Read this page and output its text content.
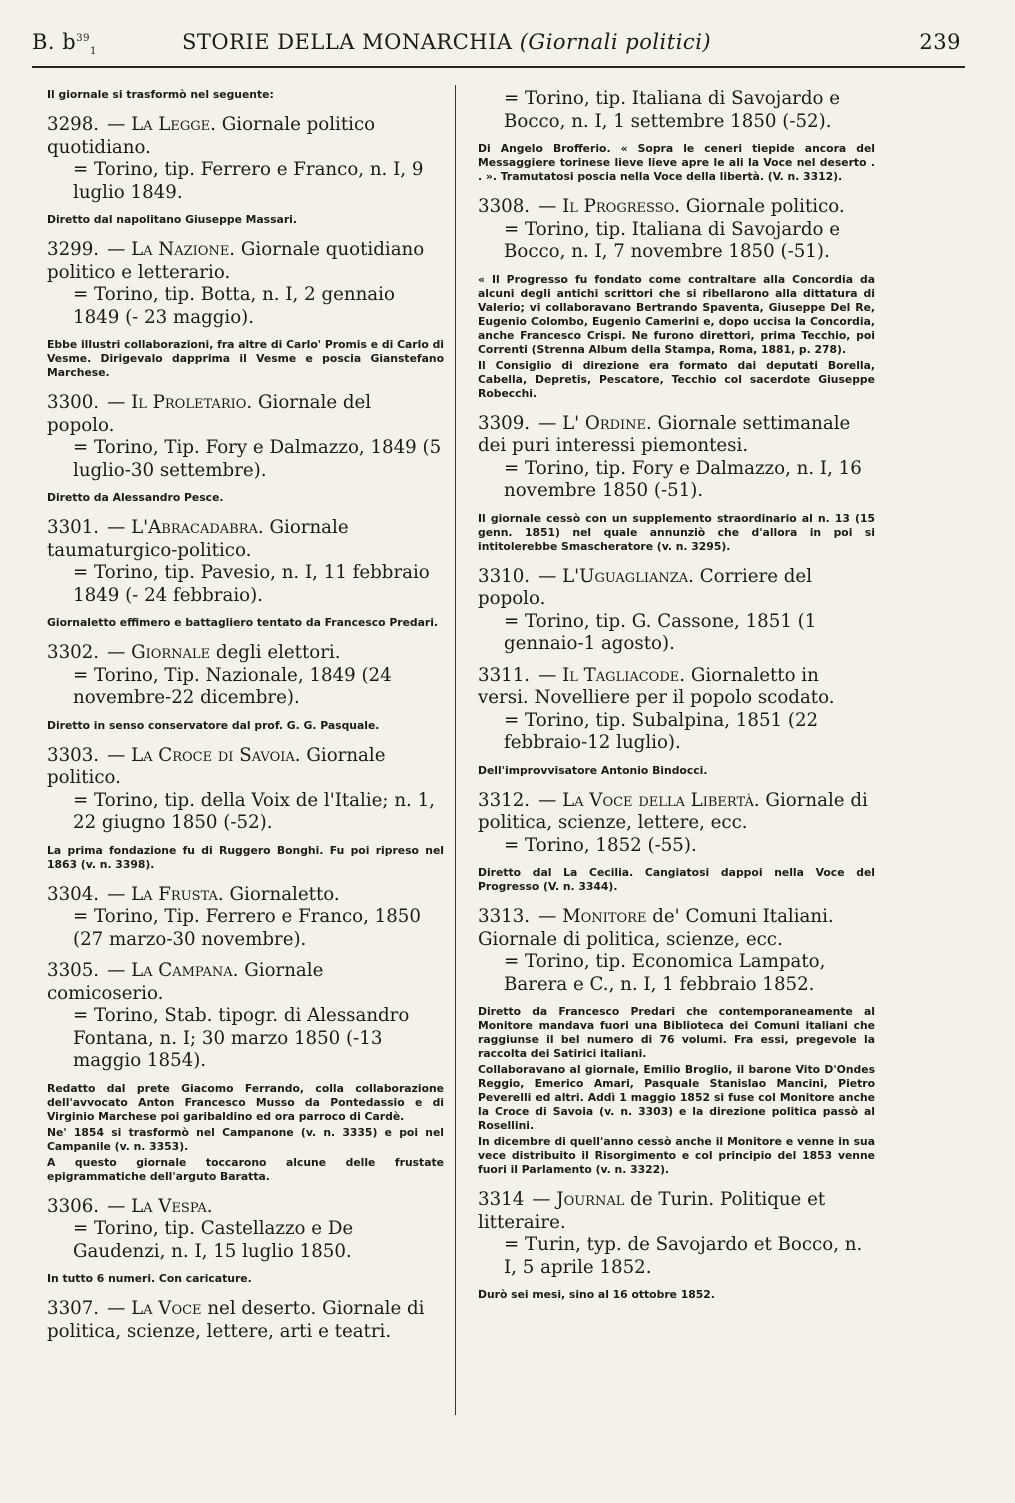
B. $b^{39}_1$	STORIE DELLA MONARCHIA (Giornali politici)	239

Il giornale si trasformò nel seguente:

3298. — La Legge. Giornale politico quotidiano.

= Torino, tip. Ferrero e Franco, n. I, 9 luglio 1849.

Diretto dal napolitano Giuseppe Massari.

3299. — La Nazione. Giornale quotidiano politico e letterario.

= Torino, tip. Botta, n. I, 2 gennaio 1849 (- 23 maggio).

Ebbe illustri collaborazioni, fra altre di Carlo' Promis e di Carlo di Vesme. Dirigevalo dapprima il Vesme e poscia Gianstefano Marchese.

3300. — Il Proletario. Giornale del popolo.

= Torino, Tip. Fory e Dalmazzo, 1849 (5 luglio-30 settembre).

Diretto da Alessandro Pesce.

3301. — L'Abracadabra. Giornale taumaturgico-politico.

= Torino, tip. Pavesio, n. I, 11 febbraio 1849 (- 24 febbraio).

Giornaletto effimero e battagliero tentato da Francesco Predari.

3302. — Giornale degli elettori.

= Torino, Tip. Nazionale, 1849 (24 novembre-22 dicembre).

Diretto in senso conservatore dal prof. G. G. Pasquale.

3303. — La Croce di Savoia. Giornale politico.

= Torino, tip. della Voix de l'Italie; n. 1, 22 giugno 1850 (-52).

La prima fondazione fu di Ruggero Bonghi. Fu poi ripreso nel 1863 (v. n. 3398).

3304. — La Frusta. Giornaletto.

= Torino, Tip. Ferrero e Franco, 1850 (27 marzo-30 novembre).

3305. — La Campana. Giornale comicoserio.

= Torino, Stab. tipogr. di Alessandro Fontana, n. I; 30 marzo 1850 (-13 maggio 1854).

Redatto dal prete Giacomo Ferrando, colla collaborazione dell'avvocato Anton Francesco Musso da Pontedassio e di Virginio Marchese poi garibaldino ed ora parroco di Cardè.

Ne' 1854 si trasformò nel Campanone (v. n. 3335) e poi nel Campanile (v. n. 3353).

A questo giornale toccarono alcune delle frustate epigrammatiche dell'arguto Baratta.

3306. — La Vespa.

= Torino, tip. Castellazzo e De Gaudenzi, n. I, 15 luglio 1850.

In tutto 6 numeri. Con caricature.

3307. — La Voce nel deserto. Giornale di politica, scienze, lettere, arti e teatri.

= Torino, tip. Italiana di Savojardo e Bocco, n. I, 1 settembre 1850 (-52).

Di Angelo Brofferio. « Sopra le ceneri tiepide ancora del Messaggiere torinese lieve lieve apre le ali la Voce nel deserto . . ». Tramutatosi poscia nella Voce della libertà. (V. n. 3312).

3308. — Il Progresso. Giornale politico.

= Torino, tip. Italiana di Savojardo e Bocco, n. I, 7 novembre 1850 (-51).

« Il Progresso fu fondato come contraltare alla Concordia da alcuni degli antichi scrittori che si ribellarono alla dittatura di Valerio; vi collaboravano Bertrando Spaventa, Giuseppe Del Re, Eugenio Colombo, Eugenio Camerini e, dopo uccisa la Concordia, anche Francesco Crispi. Ne furono direttori, prima Tecchio, poi Correnti (Strenna Album della Stampa, Roma, 1881, p. 278).

Il Consiglio di direzione era formato dai deputati Borella, Cabella, Depretis, Pescatore, Tecchio col sacerdote Giuseppe Robecchi.

3309. — L' Ordine. Giornale settimanale dei puri interessi piemontesi.

= Torino, tip. Fory e Dalmazzo, n. I, 16 novembre 1850 (-51).

Il giornale cessò con un supplemento straordinario al n. 13 (15 genn. 1851) nel quale annunziò che d'allora in poi si intitolerebbe Smascheratore (v. n. 3295).

3310. — L'Uguaglianza. Corriere del popolo.

= Torino, tip. G. Cassone, 1851 (1 gennaio-1 agosto).

3311. — Il Tagliacode. Giornaletto in versi. Novelliere per il popolo scodato.

= Torino, tip. Subalpina, 1851 (22 febbraio-12 luglio).

Dell'improvvisatore Antonio Bindocci.

3312. — La Voce della Libertà. Giornale di politica, scienze, lettere, ecc.

= Torino, 1852 (-55).

Diretto dal La Cecilia. Cangiatosi dappoi nella Voce del Progresso (V. n. 3344).

3313. — Monitore de' Comuni Italiani. Giornale di politica, scienze, ecc.

= Torino, tip. Economica Lampato, Barera e C., n. I, 1 febbraio 1852.

Diretto da Francesco Predari che contemporaneamente al Monitore mandava fuori una Biblioteca dei Comuni italiani che raggiunse il bel numero di 76 volumi. Fra essi, pregevole la raccolta dei Satirici italiani.

Collaboravano al giornale, Emilio Broglio, il barone Vito D'Ondes Reggio, Emerico Amari, Pasquale Stanislao Mancini, Pietro Peverelli ed altri. Addì 1 maggio 1852 si fuse col Monitore anche la Croce di Savoia (v. n. 3303) e la direzione politica passò al Rosellini.

In dicembre di quell'anno cessò anche il Monitore e venne in sua vece distribuito il Risorgimento e col principio del 1853 venne fuori il Parlamento (v. n. 3322).

3314 — Journal de Turin. Politique et litteraire.

= Turin, typ. de Savojardo et Bocco, n. I, 5 aprile 1852.

Durò sei mesi, sino al 16 ottobre 1852.
